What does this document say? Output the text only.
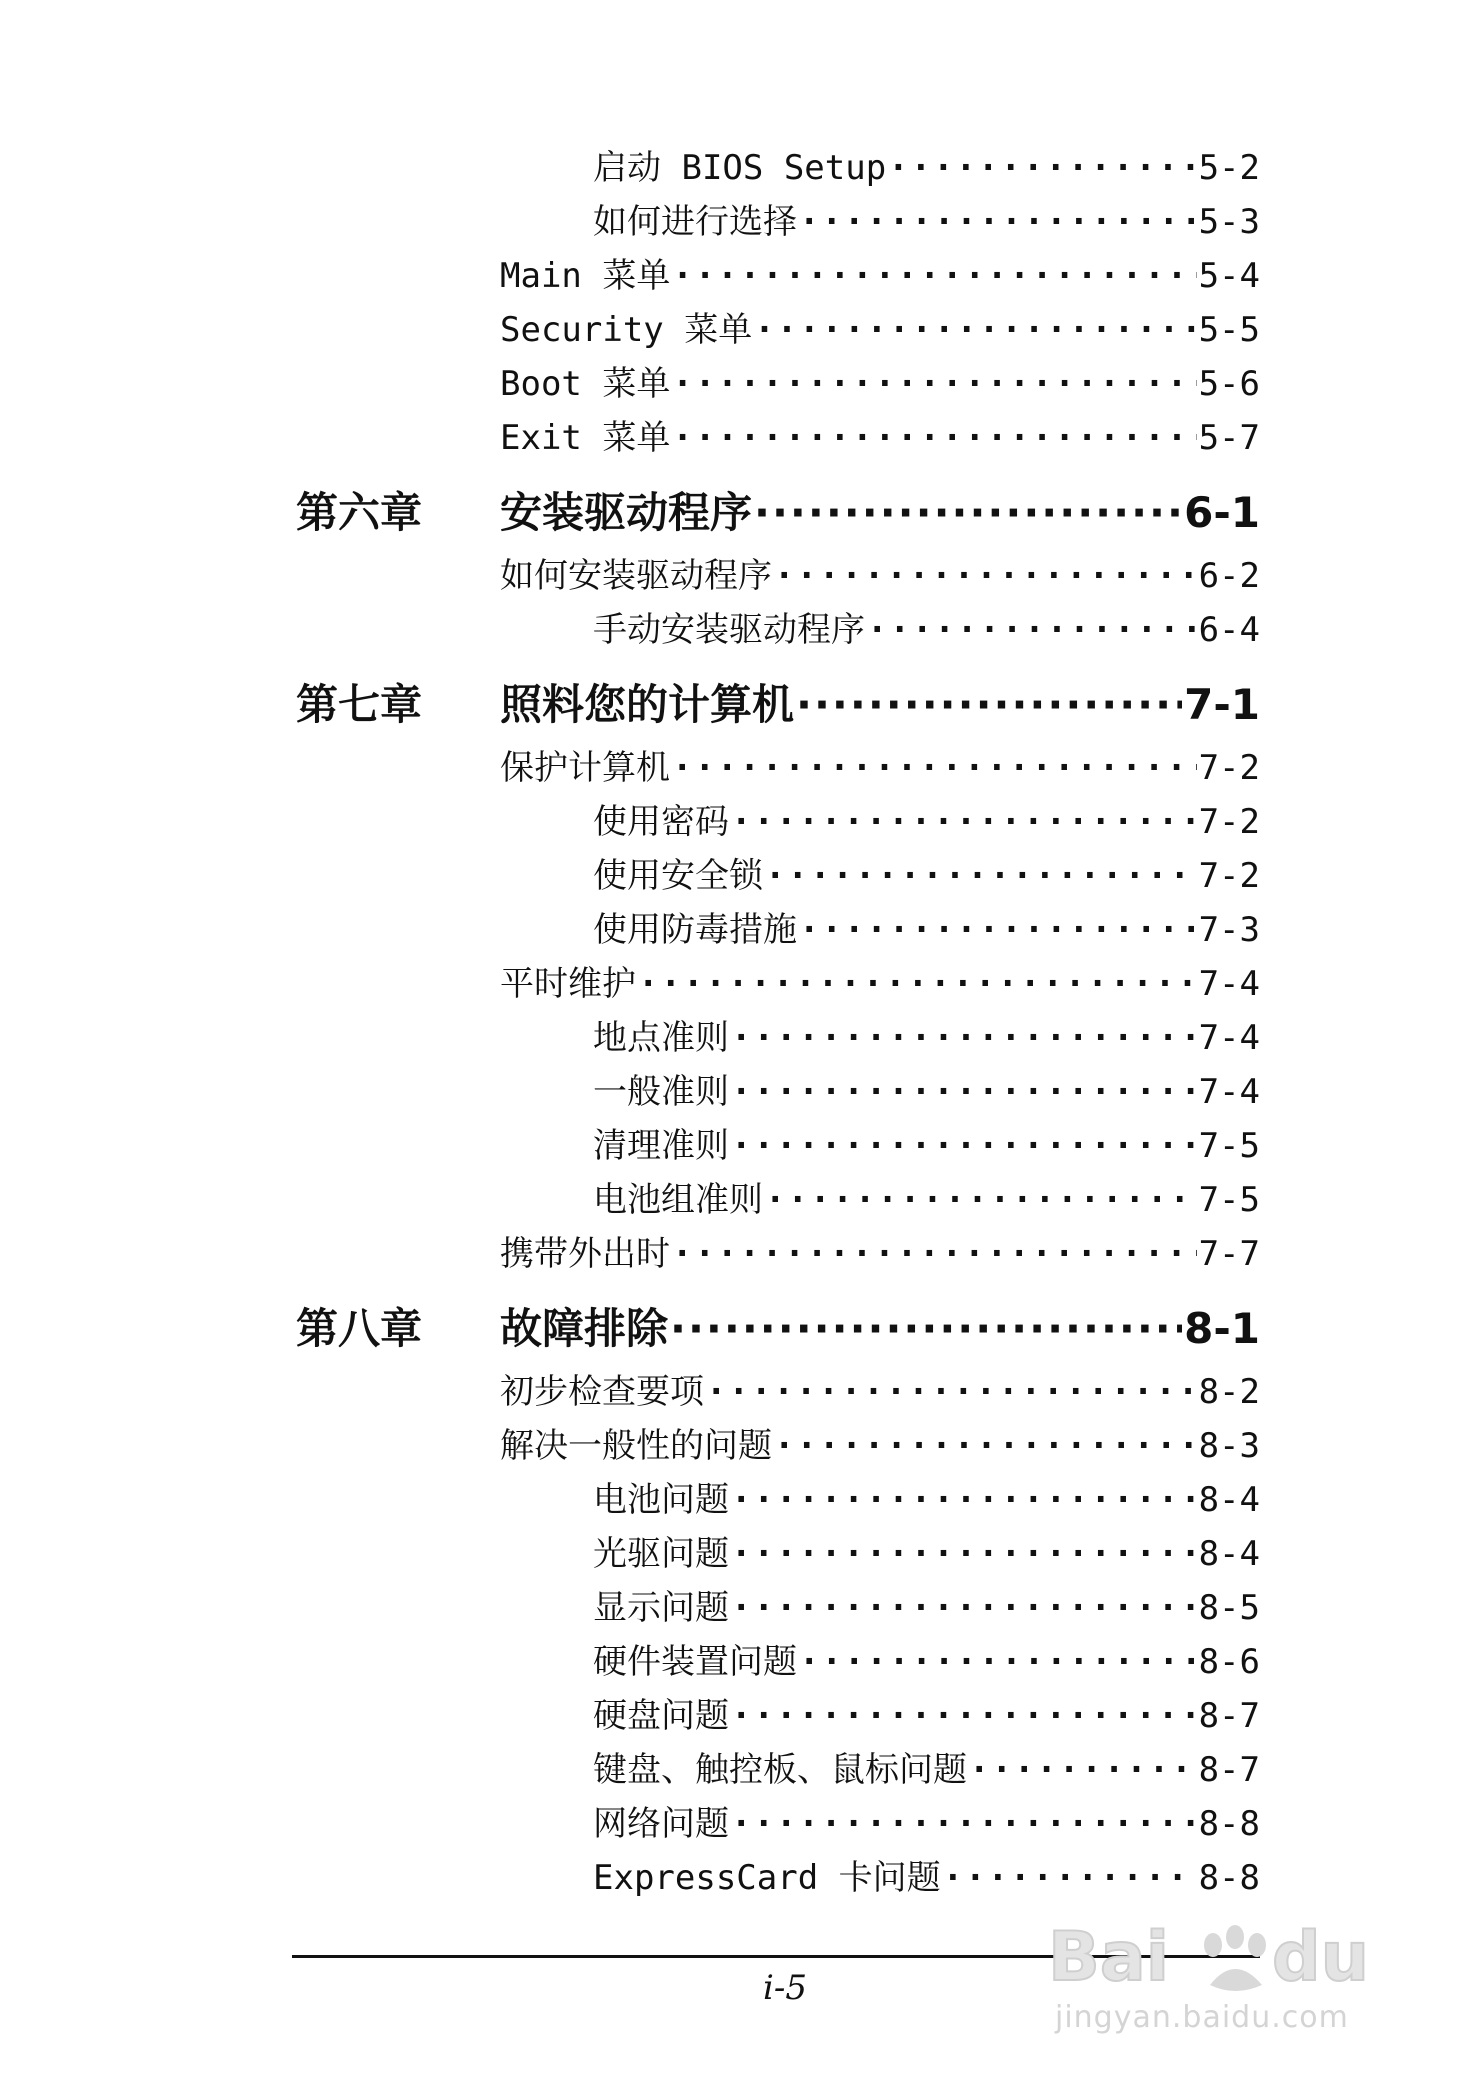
启动 BIOS Setup ·····	5-2
如何进行选择 ·····	5-3
Main 菜单 ·····	5-4
Security 菜单 ·····	5-5
Boot 菜单 ·····	5-6
Exit 菜单 ·····	5-7
第六章 安装驱动程序 ·····	6-1
如何安装驱动程序 ·····	6-2
手动安装驱动程序 ·····	6-4
第七章 照料您的计算机 ·····	7-1
保护计算机 ·····	7-2
使用密码 ·····	7-2
使用安全锁 ·····	7-2
使用防毒措施 ·····	7-3
平时维护 ·····	7-4
地点准则 ·····	7-4
一般准则 ·····	7-4
清理准则 ·····	7-5
电池组准则 ·····	7-5
携带外出时 ·····	7-7
第八章 故障排除 ·····	8-1
初步检查要项 ·····	8-2
解决一般性的问题 ·····	8-3
电池问题 ·····	8-4
光驱问题 ·····	8-4
显示问题 ·····	8-5
硬件装置问题 ·····	8-6
硬盘问题 ·····	8-7
键盘、触控板、鼠标问题 ·····	8-7
网络问题 ·····	8-8
ExpressCard 卡问题 ·····	8-8
i-5	Bai du
jingyan.baidu.com
